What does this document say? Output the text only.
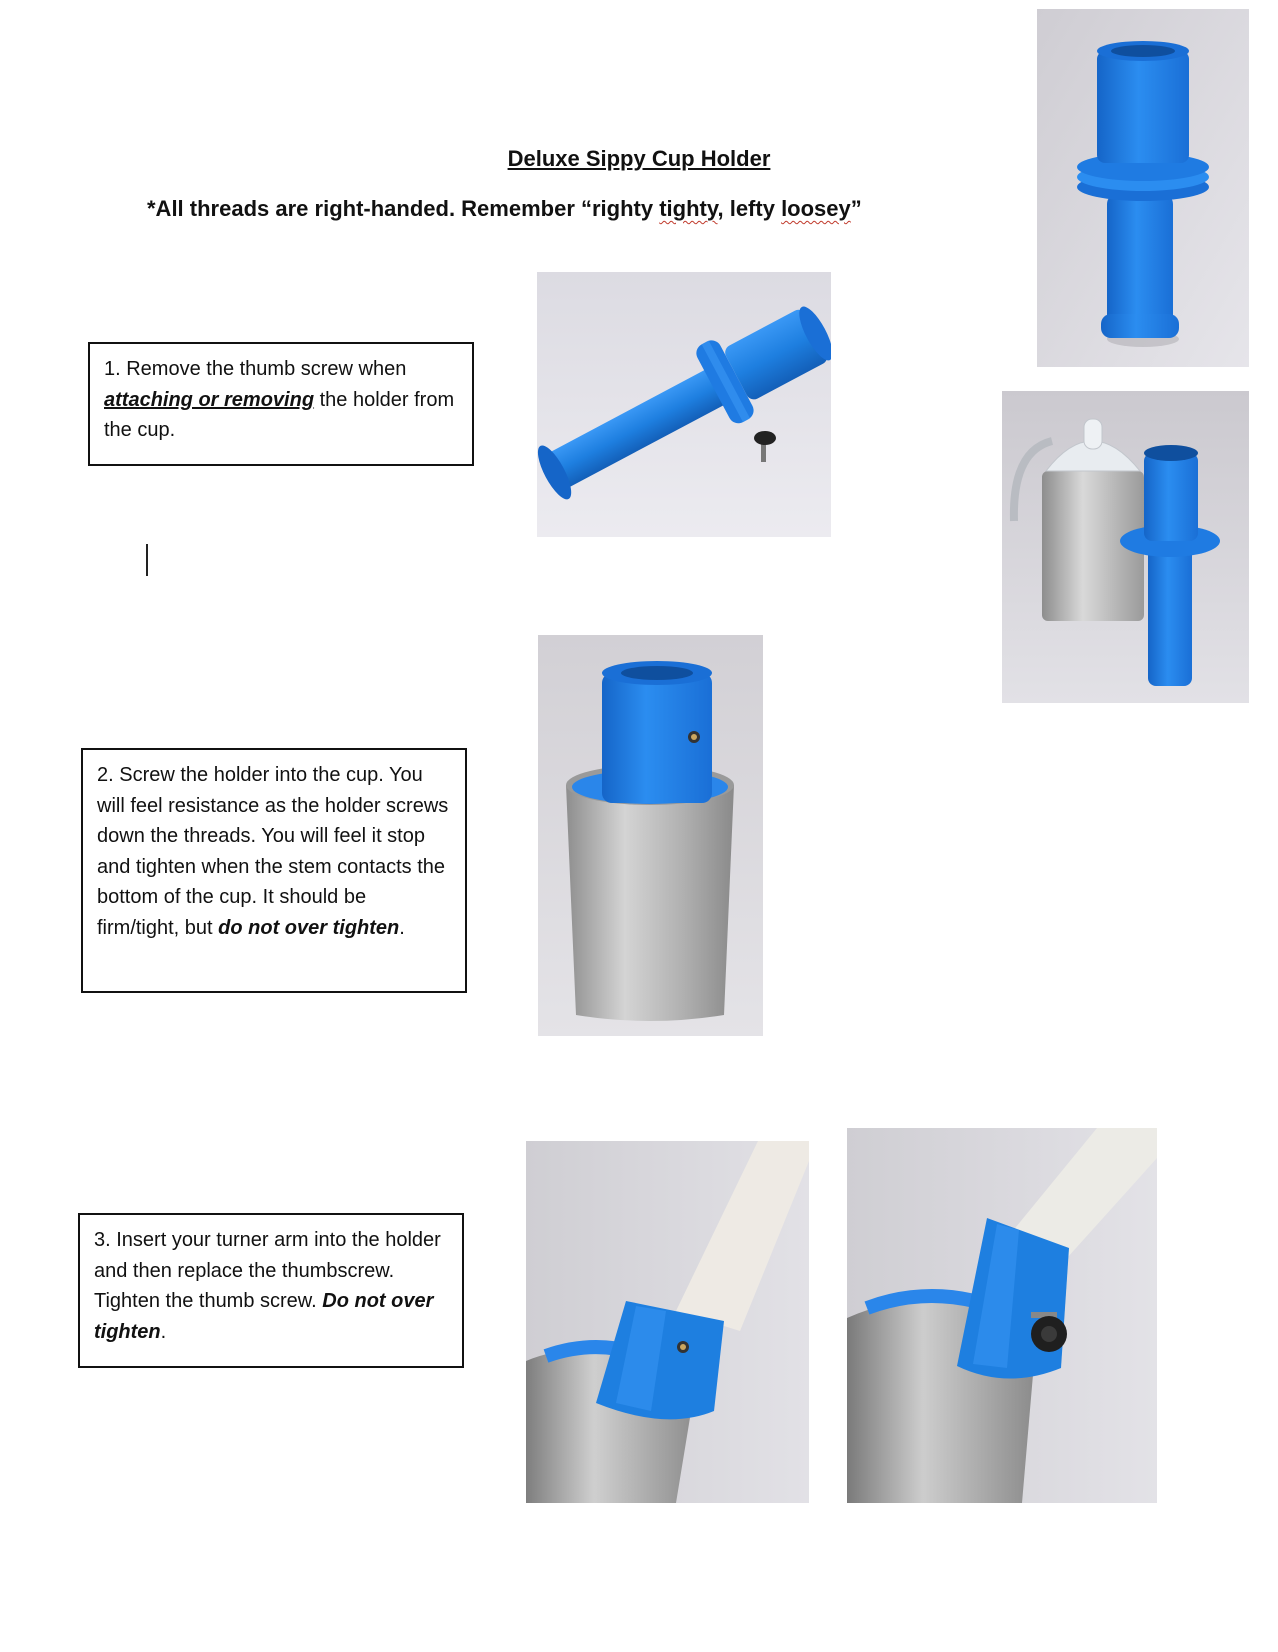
Deluxe Sippy Cup Holder
*All threads are right-handed. Remember “righty tighty, lefty loosey”
1. Remove the thumb screw when attaching or removing the holder from the cup.
2. Screw the holder into the cup. You will feel resistance as the holder screws down the threads. You will feel it stop and tighten when the stem contacts the bottom of the cup. It should be firm/tight, but do not over tighten.
3. Insert your turner arm into the holder and then replace the thumbscrew. Tighten the thumb screw. Do not over tighten.
